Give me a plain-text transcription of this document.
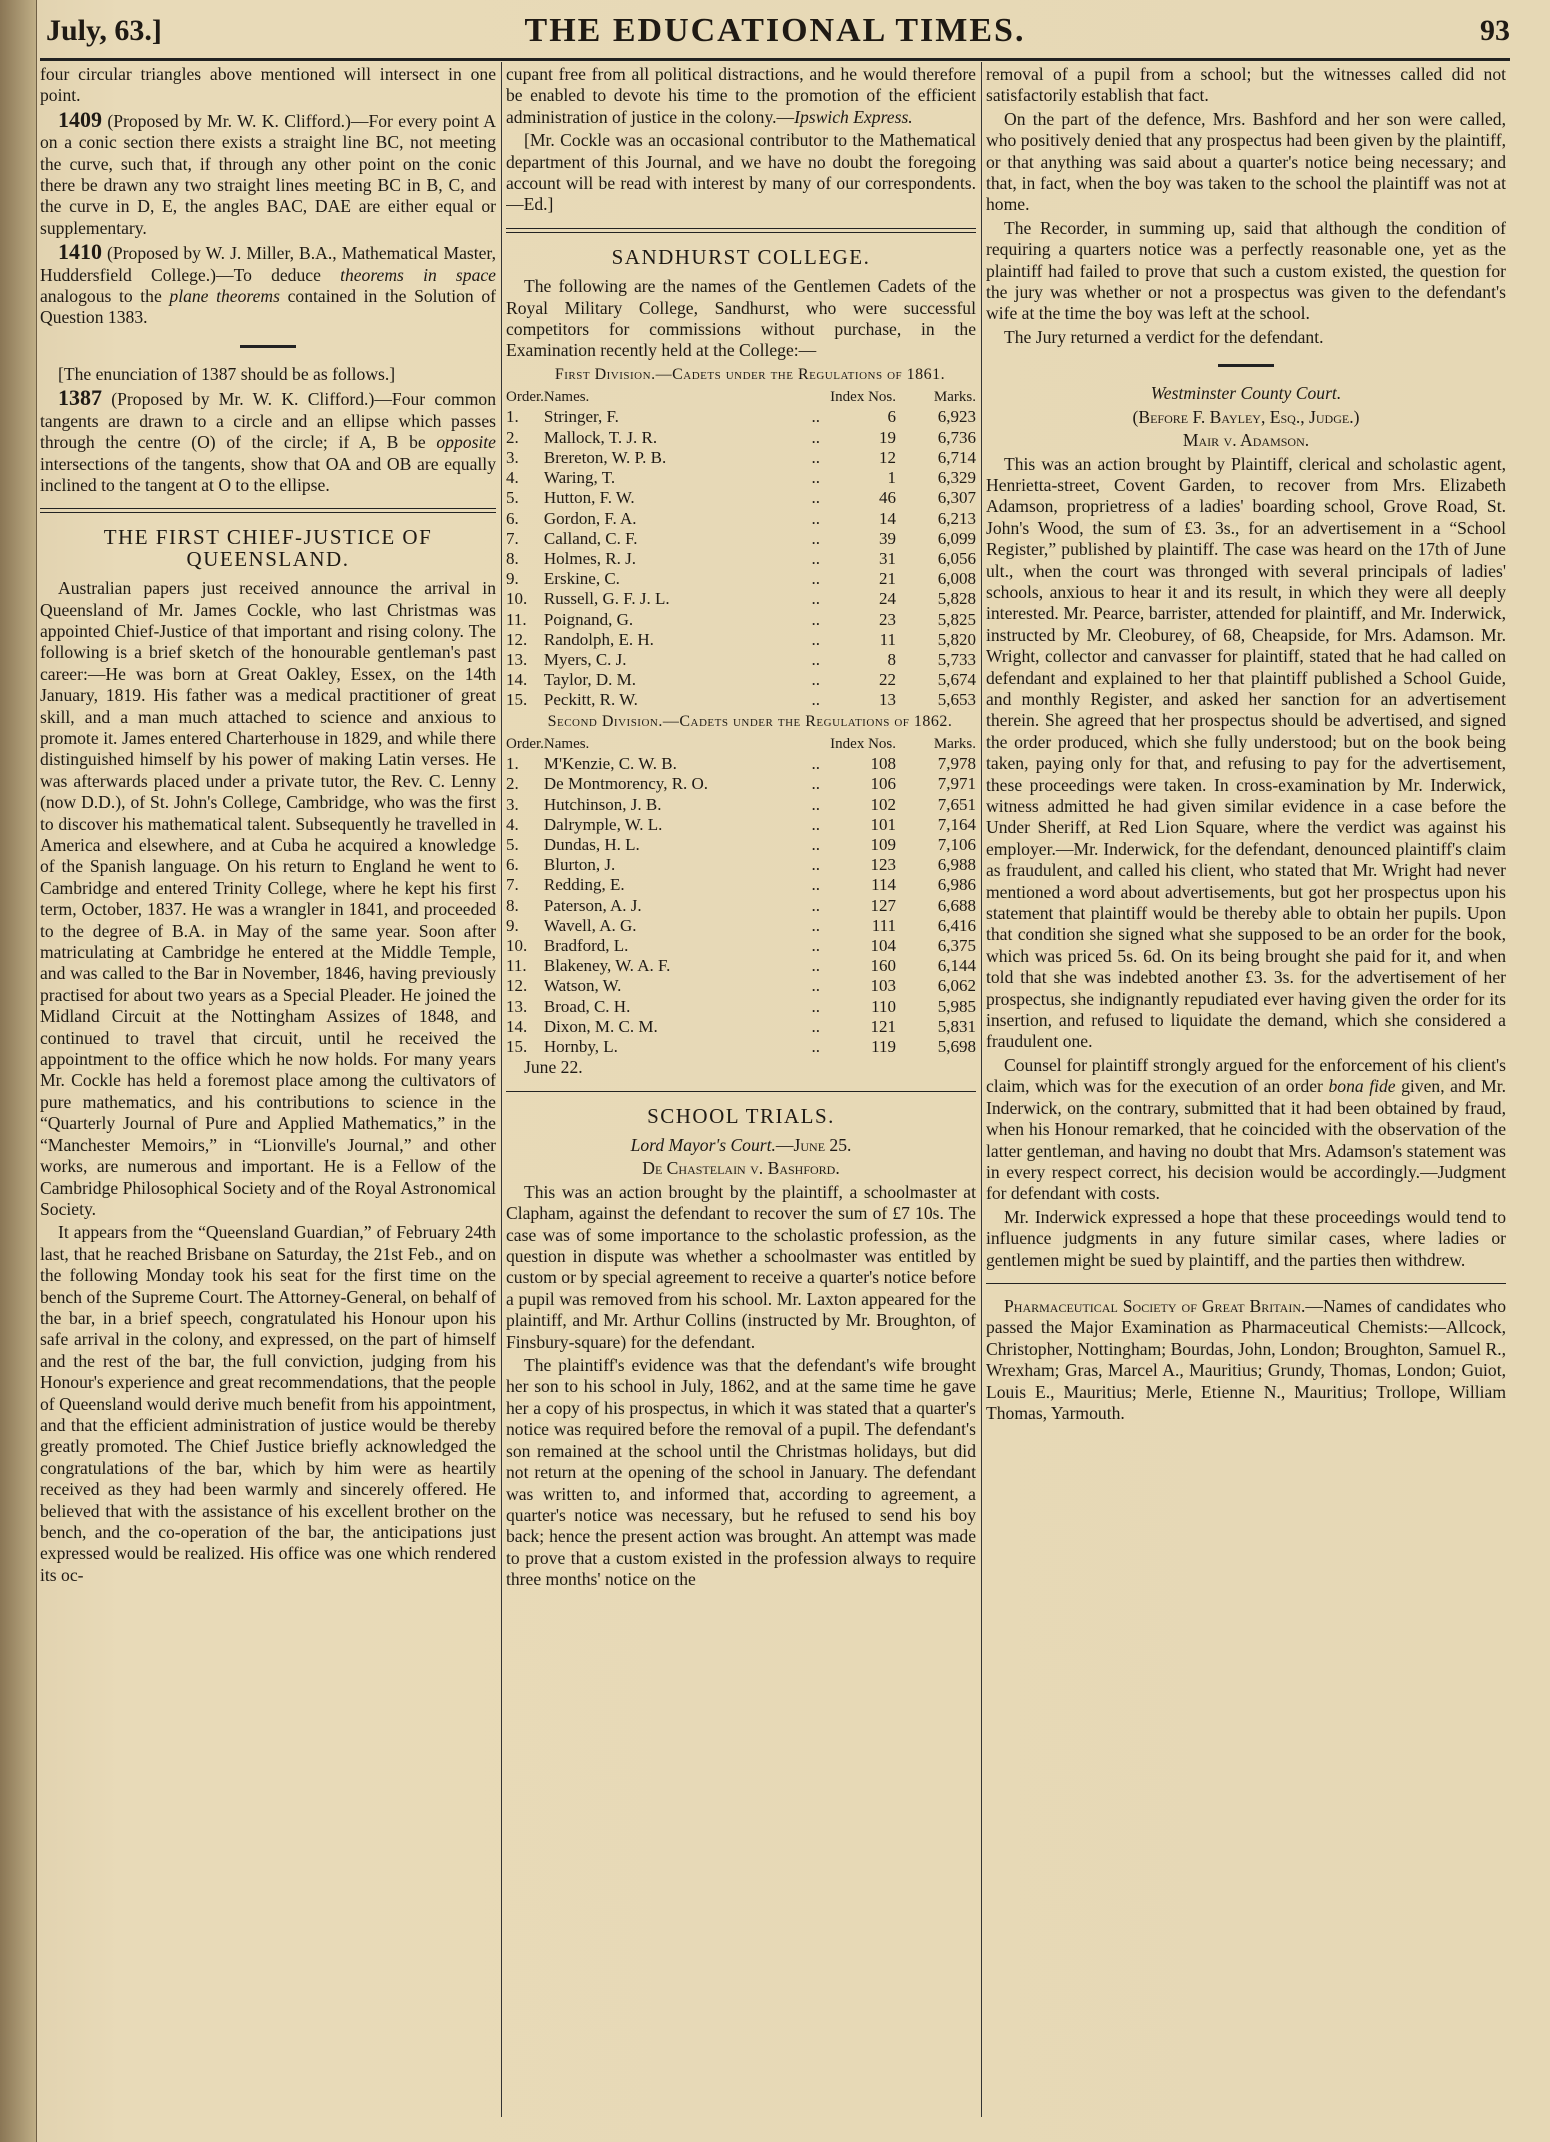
July, 63.]	THE EDUCATIONAL TIMES.	93

four circular triangles above mentioned will intersect in one point.

1409 (Proposed by Mr. W. K. Clifford.)—For every point A on a conic section there exists a straight line BC, not meeting the curve, such that, if through any other point on the conic there be drawn any two straight lines meeting BC in B, C, and the curve in D, E, the angles BAC, DAE are either equal or supplementary.

1410 (Proposed by W. J. Miller, B.A., Mathematical Master, Huddersfield College.)—To deduce theorems in space analogous to the plane theorems contained in the Solution of Question 1383.

[The enunciation of 1387 should be as follows.]

1387 (Proposed by Mr. W. K. Clifford.)—Four common tangents are drawn to a circle and an ellipse which passes through the centre (O) of the circle; if A, B be opposite intersections of the tangents, show that OA and OB are equally inclined to the tangent at O to the ellipse.

THE FIRST CHIEF-JUSTICE OF QUEENSLAND.

Australian papers just received announce the arrival in Queensland of Mr. James Cockle, who last Christmas was appointed Chief-Justice of that important and rising colony. The following is a brief sketch of the honourable gentleman's past career:—He was born at Great Oakley, Essex, on the 14th January, 1819. His father was a medical practitioner of great skill, and a man much attached to science and anxious to promote it. James entered Charterhouse in 1829, and while there distinguished himself by his power of making Latin verses. He was afterwards placed under a private tutor, the Rev. C. Lenny (now D.D.), of St. John's College, Cambridge, who was the first to discover his mathematical talent. Subsequently he travelled in America and elsewhere, and at Cuba he acquired a knowledge of the Spanish language. On his return to England he went to Cambridge and entered Trinity College, where he kept his first term, October, 1837. He was a wrangler in 1841, and proceeded to the degree of B.A. in May of the same year. Soon after matriculating at Cambridge he entered at the Middle Temple, and was called to the Bar in November, 1846, having previously practised for about two years as a Special Pleader. He joined the Midland Circuit at the Nottingham Assizes of 1848, and continued to travel that circuit, until he received the appointment to the office which he now holds. For many years Mr. Cockle has held a foremost place among the cultivators of pure mathematics, and his contributions to science in the “Quarterly Journal of Pure and Applied Mathematics,” in the “Manchester Memoirs,” in “Lionville's Journal,” and other works, are numerous and important. He is a Fellow of the Cambridge Philosophical Society and of the Royal Astronomical Society.

It appears from the “Queensland Guardian,” of February 24th last, that he reached Brisbane on Saturday, the 21st Feb., and on the following Monday took his seat for the first time on the bench of the Supreme Court. The Attorney-General, on behalf of the bar, in a brief speech, congratulated his Honour upon his safe arrival in the colony, and expressed, on the part of himself and the rest of the bar, the full conviction, judging from his Honour's experience and great recommendations, that the people of Queensland would derive much benefit from his appointment, and that the efficient administration of justice would be thereby greatly promoted. The Chief Justice briefly acknowledged the congratulations of the bar, which by him were as heartily received as they had been warmly and sincerely offered. He believed that with the assistance of his excellent brother on the bench, and the co-operation of the bar, the anticipations just expressed would be realized. His office was one which rendered its oc-

cupant free from all political distractions, and he would therefore be enabled to devote his time to the promotion of the efficient administration of justice in the colony.—Ipswich Express.

[Mr. Cockle was an occasional contributor to the Mathematical department of this Journal, and we have no doubt the foregoing account will be read with interest by many of our correspondents.—Ed.]

SANDHURST COLLEGE.

The following are the names of the Gentlemen Cadets of the Royal Military College, Sandhurst, who were successful competitors for commissions without purchase, in the Examination recently held at the College:—

First Division.—Cadets under the Regulations of 1861.

Order.	Names.	Index Nos.	Marks.
1.	Stringer, F. ..	6	6,923
2.	Mallock, T. J. R. ..	19	6,736
3.	Brereton, W. P. B. ..	12	6,714
4.	Waring, T. ..	1	6,329
5.	Hutton, F. W. ..	46	6,307
6.	Gordon, F. A. ..	14	6,213
7.	Calland, C. F. ..	39	6,099
8.	Holmes, R. J. ..	31	6,056
9.	Erskine, C. ..	21	6,008
10.	Russell, G. F. J. L. ..	24	5,828
11.	Poignand, G. ..	23	5,825
12.	Randolph, E. H. ..	11	5,820
13.	Myers, C. J. ..	8	5,733
14.	Taylor, D. M. ..	22	5,674
15.	Peckitt, R. W. ..	13	5,653

Second Division.—Cadets under the Regulations of 1862.

Order.	Names.	Index Nos.	Marks.
1.	M'Kenzie, C. W. B. ..	108	7,978
2.	De Montmorency, R. O. ..	106	7,971
3.	Hutchinson, J. B. ..	102	7,651
4.	Dalrymple, W. L. ..	101	7,164
5.	Dundas, H. L. ..	109	7,106
6.	Blurton, J. ..	123	6,988
7.	Redding, E. ..	114	6,986
8.	Paterson, A. J. ..	127	6,688
9.	Wavell, A. G. ..	111	6,416
10.	Bradford, L. ..	104	6,375
11.	Blakeney, W. A. F. ..	160	6,144
12.	Watson, W. ..	103	6,062
13.	Broad, C. H. ..	110	5,985
14.	Dixon, M. C. M. ..	121	5,831
15.	Hornby, L. ..	119	5,698

June 22.

SCHOOL TRIALS.

Lord Mayor's Court.—June 25.

De Chastelain v. Bashford.

This was an action brought by the plaintiff, a schoolmaster at Clapham, against the defendant to recover the sum of £7 10s. The case was of some importance to the scholastic profession, as the question in dispute was whether a schoolmaster was entitled by custom or by special agreement to receive a quarter's notice before a pupil was removed from his school. Mr. Laxton appeared for the plaintiff, and Mr. Arthur Collins (instructed by Mr. Broughton, of Finsbury-square) for the defendant.

The plaintiff's evidence was that the defendant's wife brought her son to his school in July, 1862, and at the same time he gave her a copy of his prospectus, in which it was stated that a quarter's notice was required before the removal of a pupil. The defendant's son remained at the school until the Christmas holidays, but did not return at the opening of the school in January. The defendant was written to, and informed that, according to agreement, a quarter's notice was necessary, but he refused to send his boy back; hence the present action was brought. An attempt was made to prove that a custom existed in the profession always to require three months' notice on the

removal of a pupil from a school; but the witnesses called did not satisfactorily establish that fact.

On the part of the defence, Mrs. Bashford and her son were called, who positively denied that any prospectus had been given by the plaintiff, or that anything was said about a quarter's notice being necessary; and that, in fact, when the boy was taken to the school the plaintiff was not at home.

The Recorder, in summing up, said that although the condition of requiring a quarters notice was a perfectly reasonable one, yet as the plaintiff had failed to prove that such a custom existed, the question for the jury was whether or not a prospectus was given to the defendant's wife at the time the boy was left at the school.

The Jury returned a verdict for the defendant.

Westminster County Court.

(Before F. Bayley, Esq., Judge.)

Mair v. Adamson.

This was an action brought by Plaintiff, clerical and scholastic agent, Henrietta-street, Covent Garden, to recover from Mrs. Elizabeth Adamson, proprietress of a ladies' boarding school, Grove Road, St. John's Wood, the sum of £3. 3s., for an advertisement in a “School Register,” published by plaintiff. The case was heard on the 17th of June ult., when the court was thronged with several principals of ladies' schools, anxious to hear it and its result, in which they were all deeply interested. Mr. Pearce, barrister, attended for plaintiff, and Mr. Inderwick, instructed by Mr. Cleoburey, of 68, Cheapside, for Mrs. Adamson. Mr. Wright, collector and canvasser for plaintiff, stated that he had called on defendant and explained to her that plaintiff published a School Guide, and monthly Register, and asked her sanction for an advertisement therein. She agreed that her prospectus should be advertised, and signed the order produced, which she fully understood; but on the book being taken, paying only for that, and refusing to pay for the advertisement, these proceedings were taken. In cross-examination by Mr. Inderwick, witness admitted he had given similar evidence in a case before the Under Sheriff, at Red Lion Square, where the verdict was against his employer.—Mr. Inderwick, for the defendant, denounced plaintiff's claim as fraudulent, and called his client, who stated that Mr. Wright had never mentioned a word about advertisements, but got her prospectus upon his statement that plaintiff would be thereby able to obtain her pupils. Upon that condition she signed what she supposed to be an order for the book, which was priced 5s. 6d. On its being brought she paid for it, and when told that she was indebted another £3. 3s. for the advertisement of her prospectus, she indignantly repudiated ever having given the order for its insertion, and refused to liquidate the demand, which she considered a fraudulent one.

Counsel for plaintiff strongly argued for the enforcement of his client's claim, which was for the execution of an order bona fide given, and Mr. Inderwick, on the contrary, submitted that it had been obtained by fraud, when his Honour remarked, that he coincided with the observation of the latter gentleman, and having no doubt that Mrs. Adamson's statement was in every respect correct, his decision would be accordingly.—Judgment for defendant with costs.

Mr. Inderwick expressed a hope that these proceedings would tend to influence judgments in any future similar cases, where ladies or gentlemen might be sued by plaintiff, and the parties then withdrew.

Pharmaceutical Society of Great Britain.—Names of candidates who passed the Major Examination as Pharmaceutical Chemists:—Allcock, Christopher, Nottingham; Bourdas, John, London; Broughton, Samuel R., Wrexham; Gras, Marcel A., Mauritius; Grundy, Thomas, London; Guiot, Louis E., Mauritius; Merle, Etienne N., Mauritius; Trollope, William Thomas, Yarmouth.
